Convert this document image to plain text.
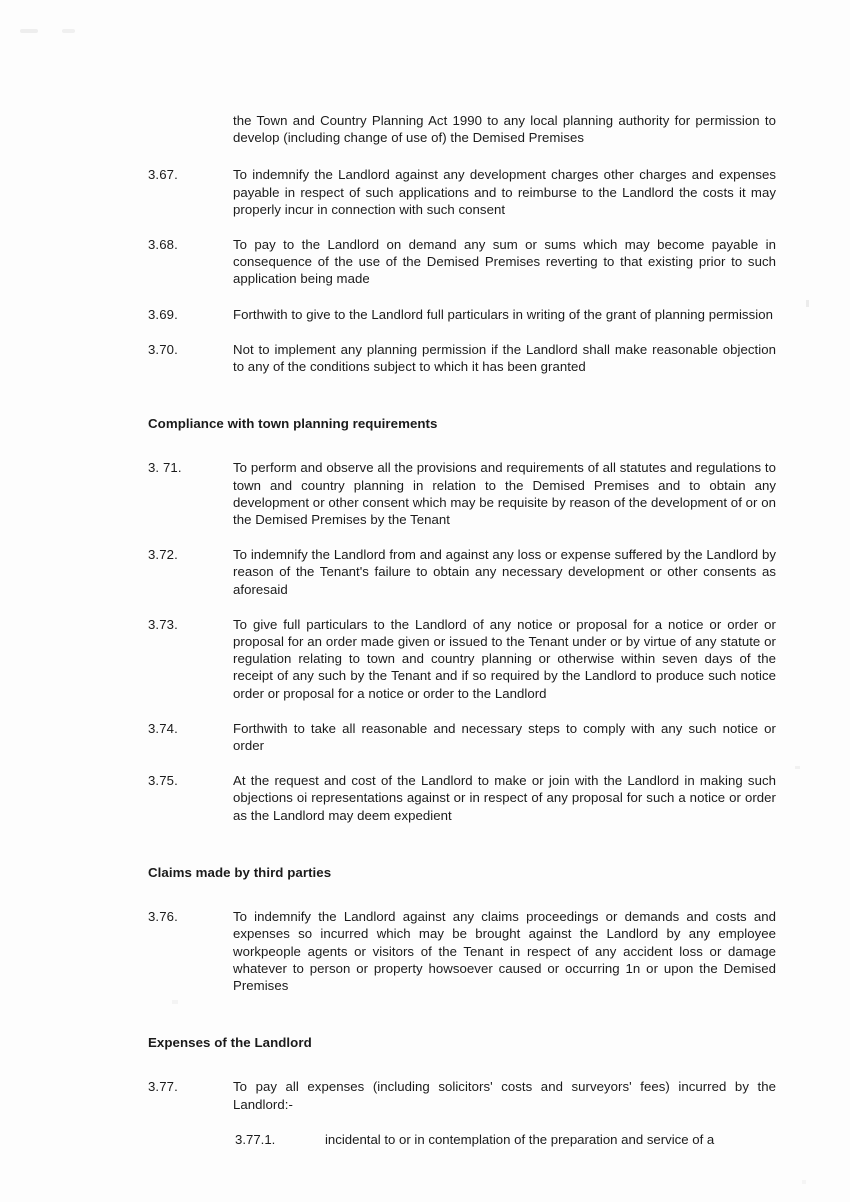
the Town and Country Planning Act 1990 to any local planning authority for permission to develop (including change of use of) the Demised Premises
3.67.	To indemnify the Landlord against any development charges other charges and expenses payable in respect of such applications and to reimburse to the Landlord the costs it may properly incur in connection with such consent
3.68.	To pay to the Landlord on demand any sum or sums which may become payable in consequence of the use of the Demised Premises reverting to that existing prior to such application being made
3.69.	Forthwith to give to the Landlord full particulars in writing of the grant of planning permission
3.70.	Not to implement any planning permission if the Landlord shall make reasonable objection to any of the conditions subject to which it has been granted
Compliance with town planning requirements
3. 71.	To perform and observe all the provisions and requirements of all statutes and regulations to town and country planning in relation to the Demised Premises and to obtain any development or other consent which may be requisite by reason of the development of or on the Demised Premises by the Tenant
3.72.	To indemnify the Landlord from and against any loss or expense suffered by the Landlord by reason of the Tenant's failure to obtain any necessary development or other consents as aforesaid
3.73.	To give full particulars to the Landlord of any notice or proposal for a notice or order or proposal for an order made given or issued to the Tenant under or by virtue of any statute or regulation relating to town and country planning or otherwise within seven days of the receipt of any such by the Tenant and if so required by the Landlord to produce such notice order or proposal for a notice or order to the Landlord
3.74.	Forthwith to take all reasonable and necessary steps to comply with any such notice or order
3.75.	At the request and cost of the Landlord to make or join with the Landlord in making such objections oi representations against or in respect of any proposal for such a notice or order as the Landlord may deem expedient
Claims made by third parties
3.76.	To indemnify the Landlord against any claims proceedings or demands and costs and expenses so incurred which may be brought against the Landlord by any employee workpeople agents or visitors of the Tenant in respect of any accident loss or damage whatever to person or property howsoever caused or occurring 1n or upon the Demised Premises
Expenses of the Landlord
3.77.	To pay all expenses (including solicitors' costs and surveyors' fees) incurred by the Landlord:-
3.77.1.	incidental to or in contemplation of the preparation and service of a
